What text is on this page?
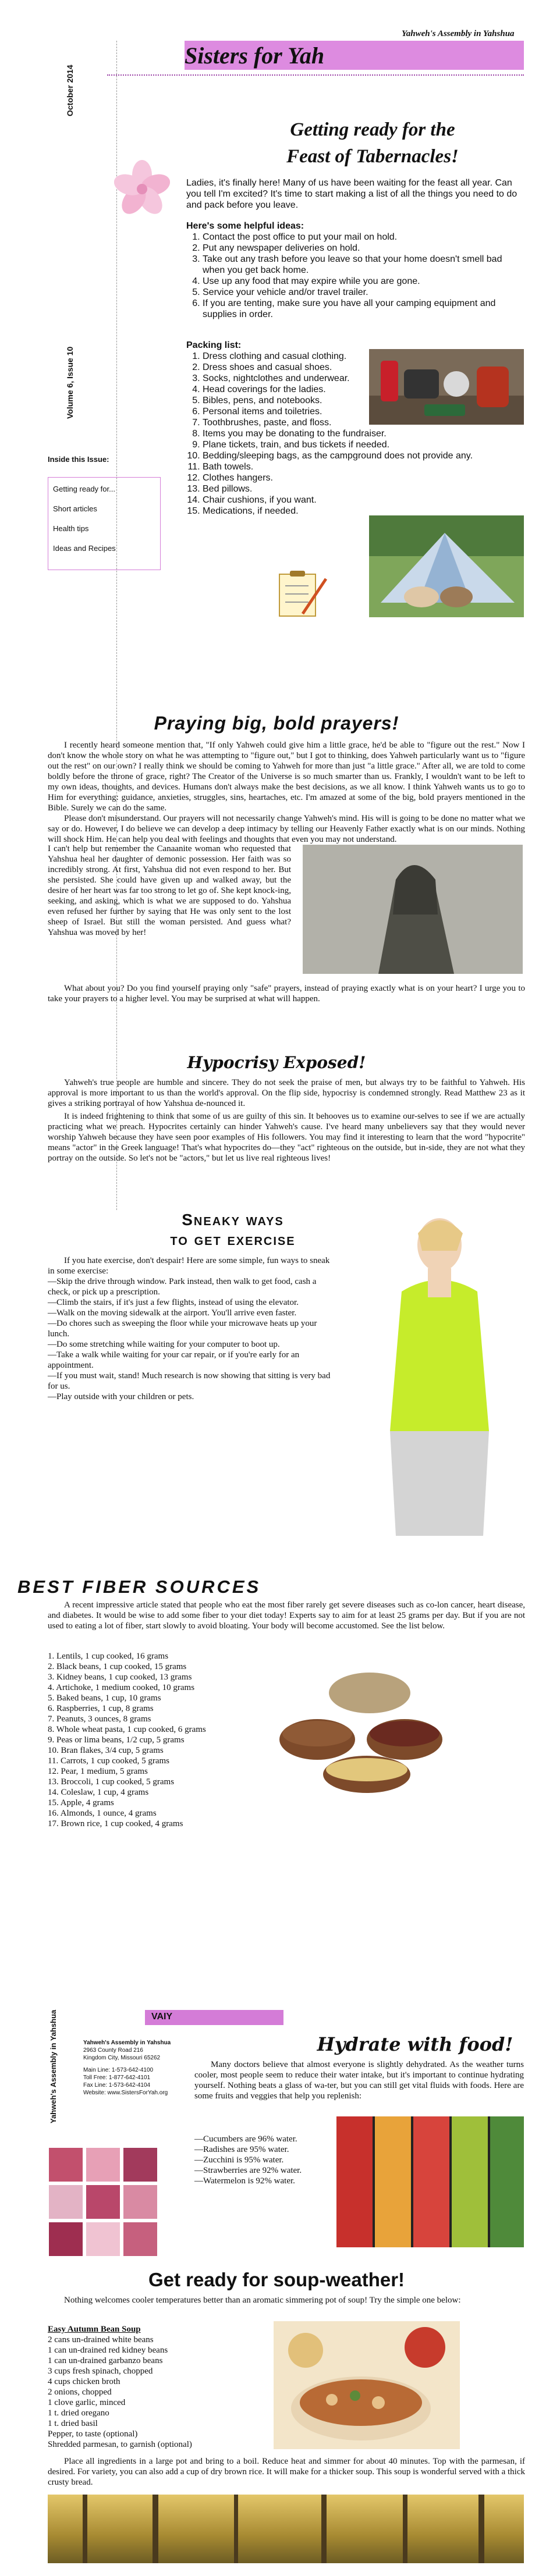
Yahweh's Assembly in Yahshua
Sisters for Yah
October 2014
Volume 6, Issue 10
Getting ready for the
Feast of Tabernacles!
Ladies, it's finally here! Many of us have been waiting for the feast all year. Can you tell I'm excited? It's time to start making a list of all the things you need to do and pack before you leave.
Here's some helpful ideas:
1. Contact the post office to put your mail on hold.
2. Put any newspaper deliveries on hold.
3. Take out any trash before you leave so that your home doesn't smell bad when you get back home.
4. Use up any food that may expire while you are gone.
5. Service your vehicle and/or travel trailer.
6. If you are tenting, make sure you have all your camping equipment and supplies in order.
Packing list:
1. Dress clothing and casual clothing.
2. Dress shoes and casual shoes.
3. Socks, nightclothes and underwear.
4. Head coverings for the ladies.
5. Bibles, pens, and notebooks.
6. Personal items and toiletries.
7. Toothbrushes, paste, and floss.
8. Items you may be donating to the fundraiser.
9. Plane tickets, train, and bus tickets if needed.
10. Bedding/sleeping bags, as the campground does not provide any.
11. Bath towels.
12. Clothes hangers.
13. Bed pillows.
14. Chair cushions, if you want.
15. Medications, if needed.
Inside this Issue:
Getting ready for...
Short articles
Health tips
Ideas and Recipes
Praying big, bold prayers!

I recently heard someone mention that, "If only Yahweh could give him a little grace, he'd be able to "figure out the rest." Now I don't know the whole story on what he was attempting to "figure out," but I got to thinking, does Yahweh particularly want us to "figure out the rest" on our own? I really think we should be coming to Yahweh for more than just "a little grace." After all, we are told to come boldly before the throne of grace, right? The Creator of the Universe is so much smarter than us. Frankly, I wouldn't want to be left to my own ideas, thoughts, and devices. Humans don't always make the best decisions, as we all know. I think Yahweh wants us to go to Him for everything: guidance, anxieties, struggles, sins, heartaches, etc. I'm amazed at some of the big, bold prayers mentioned in the Bible. Surely we can do the same.

Please don't misunderstand. Our prayers will not necessarily change Yahweh's mind. His will is going to be done no matter what we say or do. However, I do believe we can develop a deep intimacy by telling our Heavenly Father exactly what is on our minds. Nothing will shock Him. He can help you deal with feelings and thoughts that even you may not understand.

I can't help but remember the Canaanite woman who requested that Yahshua heal her daughter of demonic possession. Her faith was so incredibly strong. At first, Yahshua did not even respond to her. But she persisted. She could have given up and walked away, but the desire of her heart was far too strong to let go of. She kept knock-ing, seeking, and asking, which is what we are supposed to do. Yahshua even refused her further by saying that He was only sent to the lost sheep of Israel. But still the woman persisted. And guess what? Yahshua was moved by her!
What about you? Do you find yourself praying only "safe" prayers, instead of praying exactly what is on your heart? I urge you to take your prayers to a higher level. You may be surprised at what will happen.
Hypocrisy Exposed!

Yahweh's true people are humble and sincere. They do not seek the praise of men, but always try to be faithful to Yahweh. His approval is more important to us than the world's approval. On the flip side, hypocrisy is condemned strongly. Read Matthew 23 as it gives a striking portrayal of how Yahshua de-nounced it.

It is indeed frightening to think that some of us are guilty of this sin. It behooves us to examine our-selves to see if we are actually practicing what we preach. Hypocrites certainly can hinder Yahweh's cause. I've heard many unbelievers say that they would never worship Yahweh because they have seen poor examples of His followers. You may find it interesting to learn that the word "hypocrite" means "actor" in the Greek language! That's what hypocrites do—they "act" righteous on the outside, but in-side, they are not what they portray on the outside. So let's not be "actors," but let us live real righteous lives!

Sneaky ways
to get exercise

If you hate exercise, don't despair! Here are some simple, fun ways to sneak in some exercise:

—Skip the drive through window. Park instead, then walk to get food, cash a check, or pick up a prescription.
—Climb the stairs, if it's just a few flights, instead of using the elevator.
—Walk on the moving sidewalk at the airport. You'll arrive even faster.
—Do chores such as sweeping the floor while your microwave heats up your lunch.
—Do some stretching while waiting for your computer to boot up.
—Take a walk while waiting for your car repair, or if you're early for an appointment.
—If you must wait, stand! Much research is now showing that sitting is very bad for us.
—Play outside with your children or pets.
BEST FIBER SOURCES
A recent impressive article stated that people who eat the most fiber rarely get severe diseases such as co-lon cancer, heart disease, and diabetes. It would be wise to add some fiber to your diet today! Experts say to aim for at least 25 grams per day. But if you are not used to eating a lot of fiber, start slowly to avoid bloating. Your body will become accustomed. See the list below.
1. Lentils, 1 cup cooked, 16 grams
2. Black beans, 1 cup cooked, 15 grams
3. Kidney beans, 1 cup cooked, 13 grams
4. Artichoke, 1 medium cooked, 10 grams
5. Baked beans, 1 cup, 10 grams
6. Raspberries, 1 cup, 8 grams
7. Peanuts, 3 ounces, 8 grams
8. Whole wheat pasta, 1 cup cooked, 6 grams
9. Peas or lima beans, 1/2 cup, 5 grams
10. Bran flakes, 3/4 cup, 5 grams
11. Carrots, 1 cup cooked, 5 grams
12. Pear, 1 medium, 5 grams
13. Broccoli, 1 cup cooked, 5 grams
14. Coleslaw, 1 cup, 4 grams
15. Apple, 4 grams
16. Almonds, 1 ounce, 4 grams
17. Brown rice, 1 cup cooked, 4 grams
Yahweh's Assembly in Yahshua	VAIY
Yahweh's Assembly in Yahshua
2963 County Road 216
Kingdom City, Missouri 65262
Main Line: 1-573-642-4100
Toll Free: 1-877-642-4101
Fax Line: 1-573-642-4104
Website: www.SistersForYah.org
Hydrate with food!
Many doctors believe that almost everyone is slightly dehydrated. As the weather turns cooler, most people seem to reduce their water intake, but it's important to continue hydrating yourself. Nothing beats a glass of wa-ter, but you can still get vital fluids with foods. Here are some fruits and veggies that help you replenish:
—Cucumbers are 96% water.
—Radishes are 95% water.
—Zucchini is 95% water.
—Strawberries are 92% water.
—Watermelon is 92% water.
Get ready for soup-weather!
Nothing welcomes cooler temperatures better than an aromatic simmering pot of soup! Try the simple one below:
Easy Autumn Bean Soup
2 cans un-drained white beans
1 can un-drained red kidney beans
1 can un-drained garbanzo beans
3 cups fresh spinach, chopped
4 cups chicken broth
2 onions, chopped
1 clove garlic, minced
1 t. dried oregano
1 t. dried basil
Pepper, to taste (optional)
Shredded parmesan, to garnish (optional)
Place all ingredients in a large pot and bring to a boil. Reduce heat and simmer for about 40 minutes. Top with the parmesan, if desired. For variety, you can also add a cup of dry brown rice. It will make for a thicker soup. This soup is wonderful served with a thick crusty bread.
